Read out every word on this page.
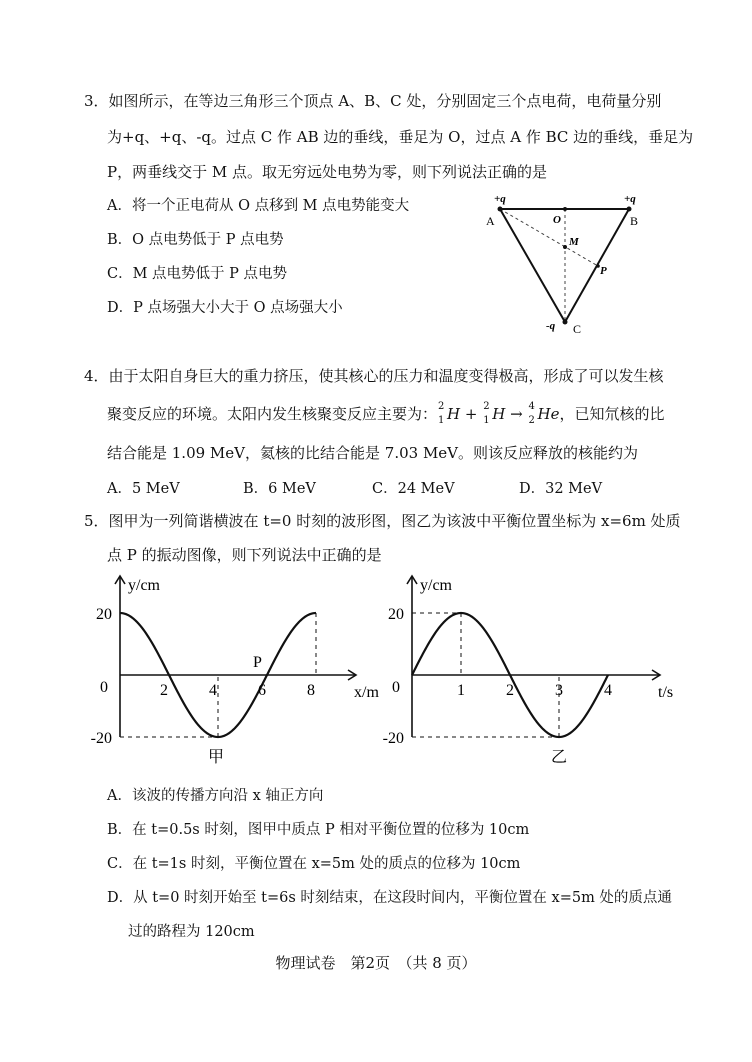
3．如图所示，在等边三角形三个顶点 A、B、C 处，分别固定三个点电荷，电荷量分别
为+q、+q、-q。过点 C 作 AB 边的垂线，垂足为 O，过点 A 作 BC 边的垂线，垂足为
P，两垂线交于 M 点。取无穷远处电势为零，则下列说法正确的是
A．将一个正电荷从 O 点移到 M 点电势能变大
B．O 点电势低于 P 点电势
C．M 点电势低于 P 点电势
D．P 点场强大小大于 O 点场强大小
+q	+q
-q
A	B
C
O
M
P
4．由于太阳自身巨大的重力挤压，使其核心的压力和温度变得极高，形成了可以发生核
聚变反应的环境。太阳内发生核聚变反应主要为： 2
1 H + 2
1 H → 4
2 He，已知氘核的比
结合能是 1.09 MeV，氦核的比结合能是 7.03 MeV。则该反应释放的核能约为
A．5 MeV	B．6 MeV	C．24 MeV	D．32 MeV
5．图甲为一列简谐横波在 t=0 时刻的波形图，图乙为该波中平衡位置坐标为 x=6m 处质
点 P 的振动图像，则下列说法中正确的是
y/cm
x/m
20
0
-20
2	4	6	8
P
甲
y/cm
t/s
20
0
-20
1	2	3	4
乙
A．该波的传播方向沿 x 轴正方向
B．在 t=0.5s 时刻，图甲中质点 P 相对平衡位置的位移为 10cm
C．在 t=1s 时刻，平衡位置在 x=5m 处的质点的位移为 10cm
D．从 t=0 时刻开始至 t=6s 时刻结束，在这段时间内，平衡位置在 x=5m 处的质点通
过的路程为 120cm
物理试卷　第2页　（共 8 页）
